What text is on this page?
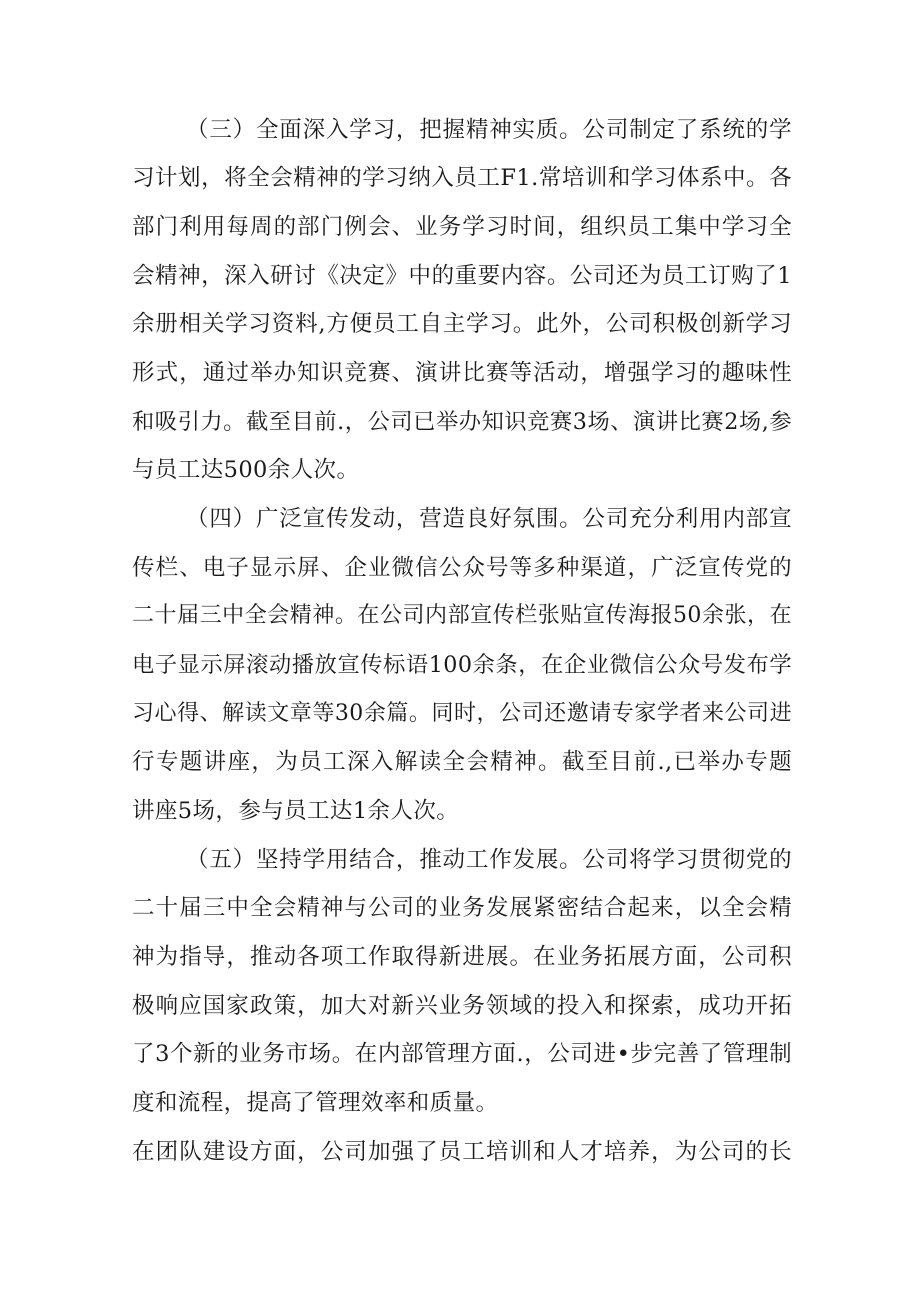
（三）全面深入学习，把握精神实质。公司制定了系统的学
习计划，将全会精神的学习纳入员工F1.常培训和学习体系中。各
部门利用每周的部门例会、业务学习时间，组织员工集中学习全
会精神，深入研讨《决定》中的重要内容。公司还为员工订购了1
余册相关学习资料,方便员工自主学习。此外，公司积极创新学习
形式，通过举办知识竞赛、演讲比赛等活动，增强学习的趣味性
和吸引力。截至目前.，公司已举办知识竞赛3场、演讲比赛2场,参
与员工达500余人次。
（四）广泛宣传发动，营造良好氛围。公司充分利用内部宣
传栏、电子显示屏、企业微信公众号等多种渠道，广泛宣传党的
二十届三中全会精神。在公司内部宣传栏张贴宣传海报50余张，在
电子显示屏滚动播放宣传标语100余条，在企业微信公众号发布学
习心得、解读文章等30余篇。同时，公司还邀请专家学者来公司进
行专题讲座，为员工深入解读全会精神。截至目前.,已举办专题
讲座5场，参与员工达1余人次。
（五）坚持学用结合，推动工作发展。公司将学习贯彻党的
二十届三中全会精神与公司的业务发展紧密结合起来，以全会精
神为指导，推动各项工作取得新进展。在业务拓展方面，公司积
极响应国家政策，加大对新兴业务领域的投入和探索，成功开拓
了3个新的业务市场。在内部管理方面.，公司进•步完善了管理制
度和流程，提高了管理效率和质量。
在团队建设方面，公司加强了员工培训和人才培养，为公司的长
